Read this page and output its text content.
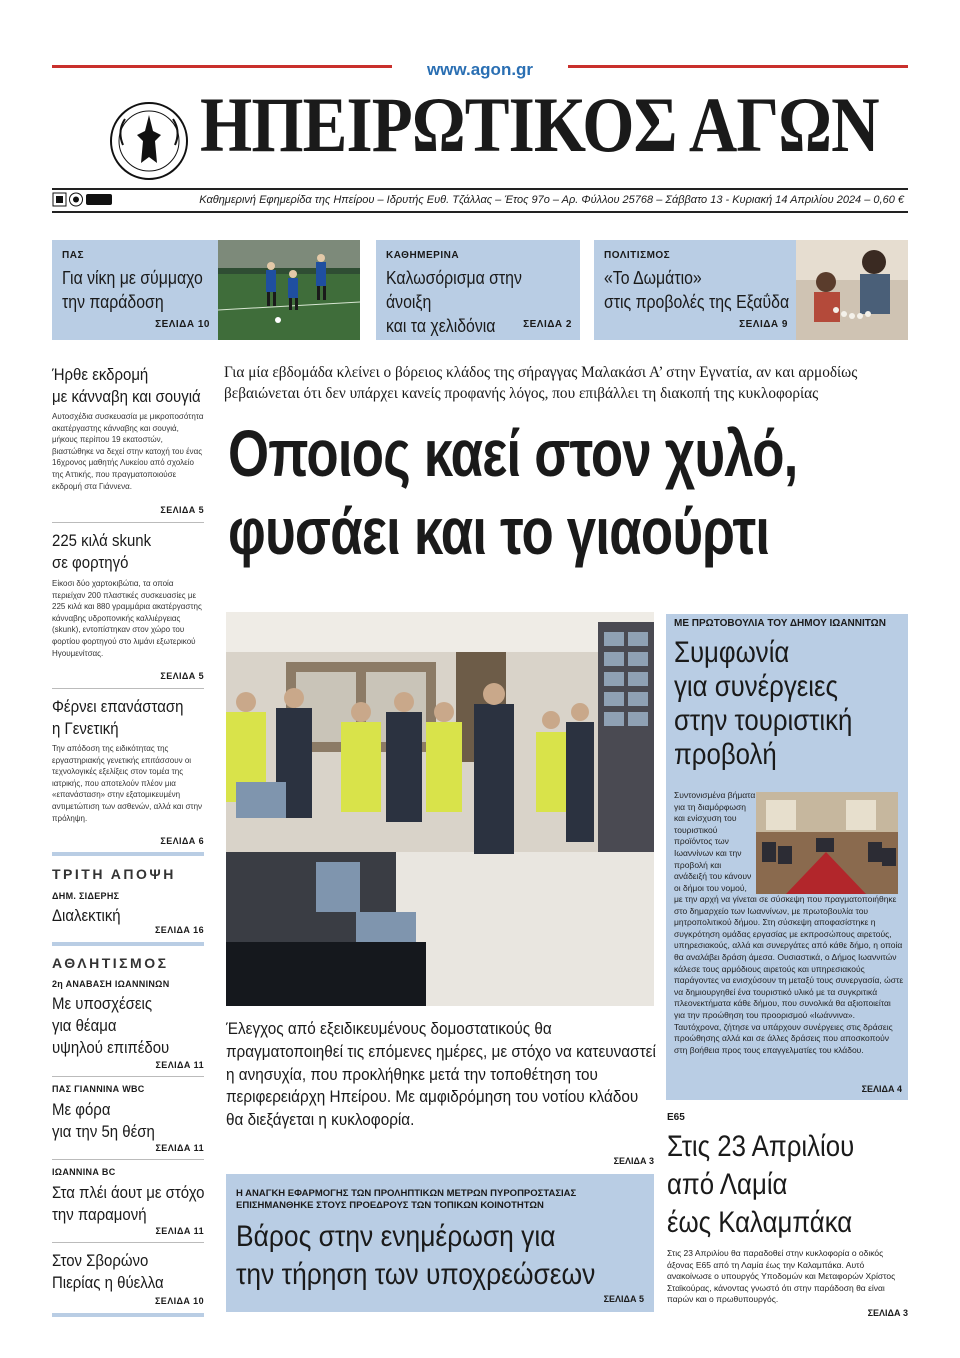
www.agon.gr
ΗΠΕΙΡΩΤΙΚΟΣ ΑΓΩΝ
Καθημερινή Εφημερίδα της Ηπείρου – Ιδρυτής Ευθ. Τζάλλας – Έτος 97ο – Αρ. Φύλλου 25768 – Σάββατο 13 - Κυριακή 14 Απριλίου 2024 – 0,60 €
ΠΑΣ
Για νίκη με σύμμαχο
την παράδοση
ΣΕΛΙΔΑ 10
ΚΑΘΗΜΕΡΙΝΑ
Καλωσόρισμα στην άνοιξη
και τα χελιδόνια	ΣΕΛΙΔΑ 2
ΠΟΛΙΤΙΣΜΟΣ
«Το Δωμάτιο»
στις προβολές της Εξαΰδα
ΣΕΛΙΔΑ 9
Ήρθε εκδρομή
με κάνναβη και σουγιά
Αυτοσχέδια συσκευασία με μικροποσότητα ακατέργαστης κάνναβης και σουγιά, μήκους περίπου 19 εκατοστών, βιαστώθηκε να δεχεί στην κατοχή του ένας 16χρονος μαθητής Λυκείου από σχολείο της Αττικής, που πραγματοποιούσε εκδρομή στα Γιάννενα.
ΣΕΛΙΔΑ 5
225 κιλά skunk
σε φορτηγό
Είκοσι δύο χαρτοκιβώτια, τα οποία περιείχαν 200 πλαστικές συσκευασίες με 225 κιλά και 880 γραμμάρια ακατέργαστης κάνναβης υδροπονικής καλλιέργειας (skunk), εντοπίστηκαν στον χώρο του φορτίου φορτηγού στο λιμάνι εξωτερικού Ηγουμενίτσας.
ΣΕΛΙΔΑ 5
Φέρνει επανάσταση
η Γενετική
Την απόδοση της ειδικότητας της εργαστηριακής γενετικής επιτάσσουν οι τεχνολογικές εξελίξεις στον τομέα της ιατρικής, που αποτελούν πλέον μια «επανάσταση» στην εξατομικευμένη αντιμετώπιση των ασθενών, αλλά και στην πρόληψη.
ΣΕΛΙΔΑ 6
ΤΡΙΤΗ ΑΠΟΨΗ
ΔΗΜ. ΣΙΔΕΡΗΣ
Διαλεκτική
ΣΕΛΙΔΑ 16
ΑΘΛΗΤΙΣΜΟΣ
2η ΑΝΑΒΑΣΗ ΙΩΑΝΝΙΝΩΝ
Με υποσχέσεις
για θέαμα
υψηλού επιπέδου
ΣΕΛΙΔΑ 11
ΠΑΣ ΓΙΑΝΝΙΝΑ WBC
Με φόρα
για την 5η θέση
ΣΕΛΙΔΑ 11
ΙΩΑΝΝΙΝΑ BC
Στα πλέι άουτ με στόχο
την παραμονή
ΣΕΛΙΔΑ 11
Στον Σβορώνο
Πιερίας η θύελλα
ΣΕΛΙΔΑ 10
Για μία εβδομάδα κλείνει ο βόρειος κλάδος της σήραγγας Μαλακάσι Α’ στην Εγνατία, αν και αρμοδίως βεβαιώνεται ότι δεν υπάρχει κανείς προφανής λόγος, που επιβάλλει τη διακοπή της κυκλοφορίας
Οποιος καεί στον χυλό,
φυσάει και το γιαούρτι
Έλεγχος από εξειδικευμένους δομοστατικούς θα πραγματοποιηθεί τις επόμενες ημέρες, με στόχο να κατευναστεί η ανησυχία, που προκλήθηκε μετά την τοποθέτηση του περιφερειάρχη Ηπείρου. Με αμφιδρόμηση του νοτίου κλάδου θα διεξάγεται η κυκλοφορία.
ΣΕΛΙΔΑ 3
Η ΑΝΑΓΚΗ ΕΦΑΡΜΟΓΗΣ ΤΩΝ ΠΡΟΛΗΠΤΙΚΩΝ ΜΕΤΡΩΝ ΠΥΡΟΠΡΟΣΤΑΣΙΑΣ ΕΠΙΣΗΜΑΝΘΗΚΕ ΣΤΟΥΣ ΠΡΟΕΔΡΟΥΣ ΤΩΝ ΤΟΠΙΚΩΝ ΚΟΙΝΟΤΗΤΩΝ
Βάρος στην ενημέρωση για
την τήρηση των υποχρεώσεων
ΣΕΛΙΔΑ 5
ΜΕ ΠΡΩΤΟΒΟΥΛΙΑ ΤΟΥ ΔΗΜΟΥ ΙΩΑΝΝΙΤΩΝ
Συμφωνία
για συνέργειες
στην τουριστική
προβολή
Συντονισμένα βήματα για τη διαμόρφωση και ενίσχυση του τουριστικού προϊόντος των Ιωαννίνων και την προβολή και ανάδειξή του κάνουν οι δήμοι του νομού,
με την αρχή να γίνεται σε σύσκεψη που πραγματοποιήθηκε στο δημαρχείο των Ιωαννίνων, με πρωτοβουλία του μητροπολιτικού δήμου. Στη σύσκεψη αποφασίστηκε η συγκρότηση ομάδας εργασίας με εκπροσώπους αιρετούς, υπηρεσιακούς, αλλά και συνεργάτες από κάθε δήμο, η οποία θα αναλάβει δράση άμεσα. Ουσιαστικά, ο Δήμος Ιωαννιτών κάλεσε τους αρμόδιους αιρετούς και υπηρεσιακούς παράγοντες να ενισχύσουν τη μεταξύ τους συνεργασία, ώστε να δημιουργηθεί ένα τουριστικό υλικό με τα συγκριτικά πλεονεκτήματα κάθε δήμου, που συνολικά θα αξιοποιείται για την προώθηση του προορισμού «Ιωάννινα». Ταυτόχρονα, ζήτησε να υπάρχουν συνέργειες στις δράσεις προώθησης αλλά και σε άλλες δράσεις που αποσκοπούν στη βοήθεια προς τους επαγγελματίες του κλάδου.
ΣΕΛΙΔΑ 4
Ε65
Στις 23 Απριλίου
από Λαμία
έως Καλαμπάκα
Στις 23 Απριλίου θα παραδοθεί στην κυκλοφορία ο οδικός άξονας Ε65 από τη Λαμία έως την Καλαμπάκα. Αυτό ανακοίνωσε ο υπουργός Υποδομών και Μεταφορών Χρίστος Σταϊκούρας, κάνοντας γνωστό ότι στην παράδοση θα είναι παρών και ο πρωθυπουργός.
ΣΕΛΙΔΑ 3
